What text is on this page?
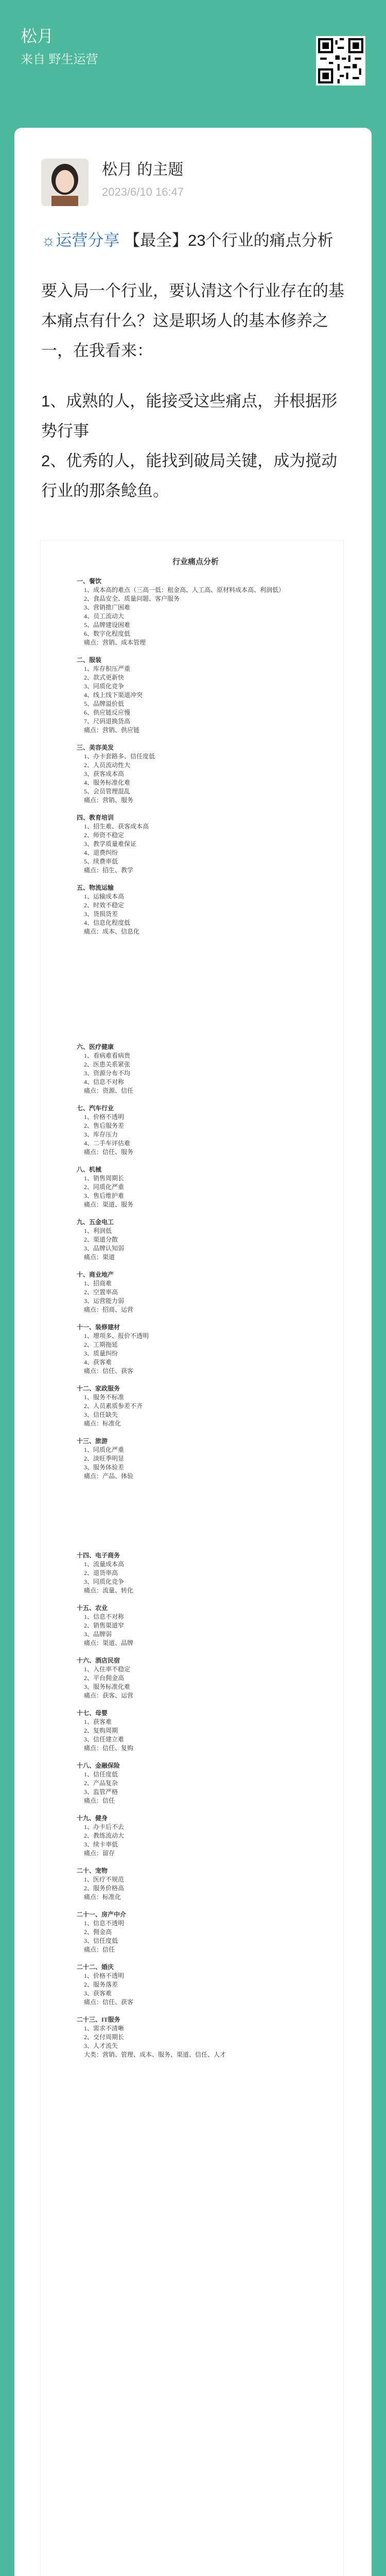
松月
来自 野生运营
松月 的主题
2023/6/10 16:47

☼运营分享 【最全】23个行业的痛点分析

要入局一个行业，要认清这个行业存在的基本痛点有什么？这是职场人的基本修养之一，在我看来：

1、成熟的人，能接受这些痛点，并根据形势行事

2、优秀的人，能找到破局关键，成为搅动行业的那条鲶鱼。

行业痛点分析
一、餐饮
1、成本高的难点（三高一低：租金高、人工高、原材料成本高、利润低）
2、食品安全、质量问题、客户服务
3、营销推广困难
4、员工流动大
5、品牌建设困难
6、数字化程度低
痛点：营销、成本管理
二、服装
1、库存积压严重
2、款式更新快
3、同质化竞争
4、线上线下渠道冲突
5、品牌溢价低
6、供应链反应慢
7、尺码退换货高
痛点：营销、供应链
三、美容美发
1、办卡套路多、信任度低
2、人员流动性大
3、获客成本高
4、服务标准化难
5、会员管理混乱
痛点：营销、服务
四、教育培训
1、招生难、获客成本高
2、师资不稳定
3、教学质量难保证
4、退费纠纷
5、续费率低
痛点：招生、教学
五、物流运输
1、运输成本高
2、时效不稳定
3、货损货差
4、信息化程度低
痛点：成本、信息化
六、医疗健康
1、看病难看病贵
2、医患关系紧张
3、资源分布不均
4、信息不对称
痛点：资源、信任
七、汽车行业
1、价格不透明
2、售后服务差
3、库存压力
4、二手车评估难
痛点：信任、服务
八、机械
1、销售周期长
2、同质化严重
3、售后维护难
痛点：渠道、服务
九、五金电工
1、利润低
2、渠道分散
3、品牌认知弱
痛点：渠道
十、商业地产
1、招商难
2、空置率高
3、运营能力弱
痛点：招商、运营
十一、装修建材
1、增项多、报价不透明
2、工期拖延
3、质量纠纷
4、获客难
痛点：信任、获客
十二、家政服务
1、服务不标准
2、人员素质参差不齐
3、信任缺失
痛点：标准化
十三、旅游
1、同质化严重
2、淡旺季明显
3、服务体验差
痛点：产品、体验
十四、电子商务
1、流量成本高
2、退货率高
3、同质化竞争
痛点：流量、转化
十五、农业
1、信息不对称
2、销售渠道窄
3、品牌弱
痛点：渠道、品牌
十六、酒店民宿
1、入住率不稳定
2、平台佣金高
3、服务标准化难
痛点：获客、运营
十七、母婴
1、获客难
2、复购周期
3、信任建立难
痛点：信任、复购
十八、金融保险
1、信任度低
2、产品复杂
3、监管严格
痛点：信任
十九、健身
1、办卡后不去
2、教练流动大
3、续卡率低
痛点：留存
二十、宠物
1、医疗不规范
2、服务价格高
痛点：标准化
二十一、房产中介
1、信息不透明
2、佣金高
3、信任度低
痛点：信任
二十二、婚庆
1、价格不透明
2、服务落差
3、获客难
痛点：信任、获客
二十三、IT服务
1、需求不清晰
2、交付周期长
3、人才流失
大类：营销、管理、成本、服务、渠道、信任、人才
